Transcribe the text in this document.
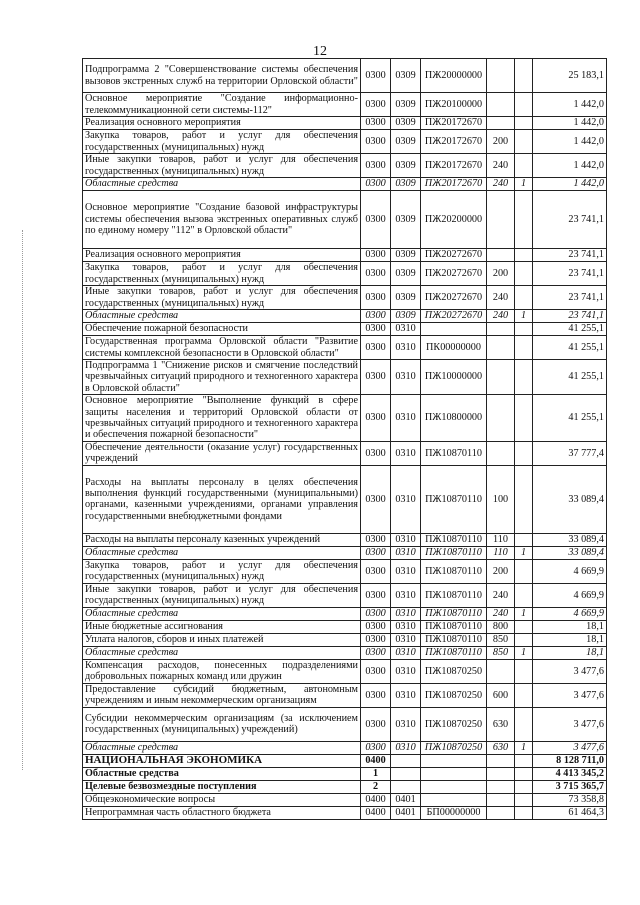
12
Подпрограмма 2 "Совершенствование системы обеспечения вызовов экстренных служб на территории Орловской области"	0300	0309	ПЖ20000000			25 183,1
Основное мероприятие "Создание информационно-телекоммуникационной сети системы-112"	0300	0309	ПЖ20100000			1 442,0
Реализация основного мероприятия	0300	0309	ПЖ20172670			1 442,0
Закупка товаров, работ и услуг для обеспечения государственных (муниципальных) нужд	0300	0309	ПЖ20172670	200		1 442,0
Иные закупки товаров, работ и услуг для обеспечения государственных (муниципальных) нужд	0300	0309	ПЖ20172670	240		1 442,0
Областные средства	0300	0309	ПЖ20172670	240	1	1 442,0
Основное мероприятие "Создание базовой инфраструктуры системы обеспечения вызова экстренных оперативных служб по единому номеру "112" в Орловской области"	0300	0309	ПЖ20200000			23 741,1
Реализация основного мероприятия	0300	0309	ПЖ20272670			23 741,1
Закупка товаров, работ и услуг для обеспечения государственных (муниципальных) нужд	0300	0309	ПЖ20272670	200		23 741,1
Иные закупки товаров, работ и услуг для обеспечения государственных (муниципальных) нужд	0300	0309	ПЖ20272670	240		23 741,1
Областные средства	0300	0309	ПЖ20272670	240	1	23 741,1
Обеспечение пожарной безопасности	0300	0310				41 255,1
Государственная программа Орловской области "Развитие системы комплексной безопасности в Орловской области"	0300	0310	ПК00000000			41 255,1
Подпрограмма 1 "Снижение рисков и смягчение последствий чрезвычайных ситуаций природного и техногенного характера в Орловской области"	0300	0310	ПЖ10000000			41 255,1
Основное мероприятие "Выполнение функций в сфере защиты населения и территорий Орловской области от чрезвычайных ситуаций природного и техногенного характера и обеспечения пожарной безопасности"	0300	0310	ПЖ10800000			41 255,1
Обеспечение деятельности (оказание услуг) государственных учреждений	0300	0310	ПЖ10870110			37 777,4
Расходы на выплаты персоналу в целях обеспечения выполнения функций государственными (муниципальными) органами, казенными учреждениями, органами управления государственными внебюджетными фондами	0300	0310	ПЖ10870110	100		33 089,4
Расходы на выплаты персоналу казенных учреждений	0300	0310	ПЖ10870110	110		33 089,4
Областные средства	0300	0310	ПЖ10870110	110	1	33 089,4
Закупка товаров, работ и услуг для обеспечения государственных (муниципальных) нужд	0300	0310	ПЖ10870110	200		4 669,9
Иные закупки товаров, работ и услуг для обеспечения государственных (муниципальных) нужд	0300	0310	ПЖ10870110	240		4 669,9
Областные средства	0300	0310	ПЖ10870110	240	1	4 669,9
Иные бюджетные ассигнования	0300	0310	ПЖ10870110	800		18,1
Уплата налогов, сборов и иных платежей	0300	0310	ПЖ10870110	850		18,1
Областные средства	0300	0310	ПЖ10870110	850	1	18,1
Компенсация расходов, понесенных подразделениями добровольных пожарных команд или дружин	0300	0310	ПЖ10870250			3 477,6
Предоставление субсидий бюджетным, автономным учреждениям и иным некоммерческим организациям	0300	0310	ПЖ10870250	600		3 477,6
Субсидии некоммерческим организациям (за исключением государственных (муниципальных) учреждений)	0300	0310	ПЖ10870250	630		3 477,6
Областные средства	0300	0310	ПЖ10870250	630	1	3 477,6
НАЦИОНАЛЬНАЯ ЭКОНОМИКА	0400					8 128 711,0
Областные средства	1					4 413 345,2
Целевые безвозмездные поступления	2					3 715 365,7
Общеэкономические вопросы	0400	0401				73 358,8
Непрограммная часть областного бюджета	0400	0401	БП00000000			61 464,3
